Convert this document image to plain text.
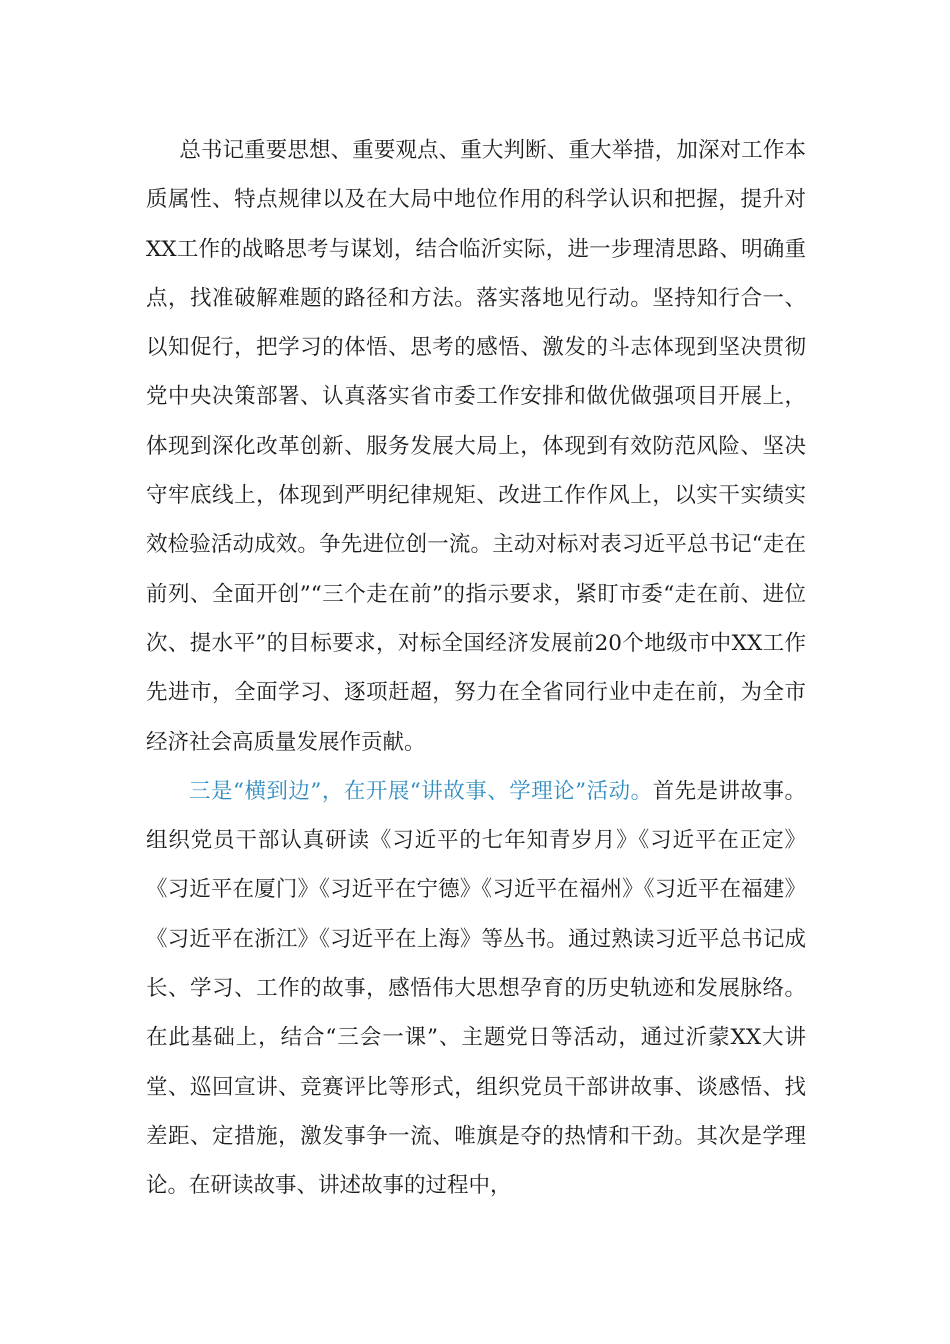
总书记重要思想、重要观点、重大判断、重大举措，加深对工作本质属性、特点规律以及在大局中地位作用的科学认识和把握，提升对XX工作的战略思考与谋划，结合临沂实际，进一步理清思路、明确重点，找准破解难题的路径和方法。落实落地见行动。坚持知行合一、以知促行，把学习的体悟、思考的感悟、激发的斗志体现到坚决贯彻党中央决策部署、认真落实省市委工作安排和做优做强项目开展上，体现到深化改革创新、服务发展大局上，体现到有效防范风险、坚决守牢底线上，体现到严明纪律规矩、改进工作作风上，以实干实绩实效检验活动成效。争先进位创一流。主动对标对表习近平总书记“走在前列、全面开创”“三个走在前”的指示要求，紧盯市委“走在前、进位次、提水平”的目标要求，对标全国经济发展前20个地级市中XX工作先进市，全面学习、逐项赶超，努力在全省同行业中走在前，为全市经济社会高质量发展作贡献。

三是“横到边”，在开展“讲故事、学理论”活动。首先是讲故事。组织党员干部认真研读《习近平的七年知青岁月》《习近平在正定》《习近平在厦门》《习近平在宁德》《习近平在福州》《习近平在福建》《习近平在浙江》《习近平在上海》等丛书。通过熟读习近平总书记成长、学习、工作的故事，感悟伟大思想孕育的历史轨迹和发展脉络。在此基础上，结合“三会一课”、主题党日等活动，通过沂蒙XX大讲堂、巡回宣讲、竞赛评比等形式，组织党员干部讲故事、谈感悟、找差距、定措施，激发事争一流、唯旗是夺的热情和干劲。其次是学理论。在研读故事、讲述故事的过程中，
